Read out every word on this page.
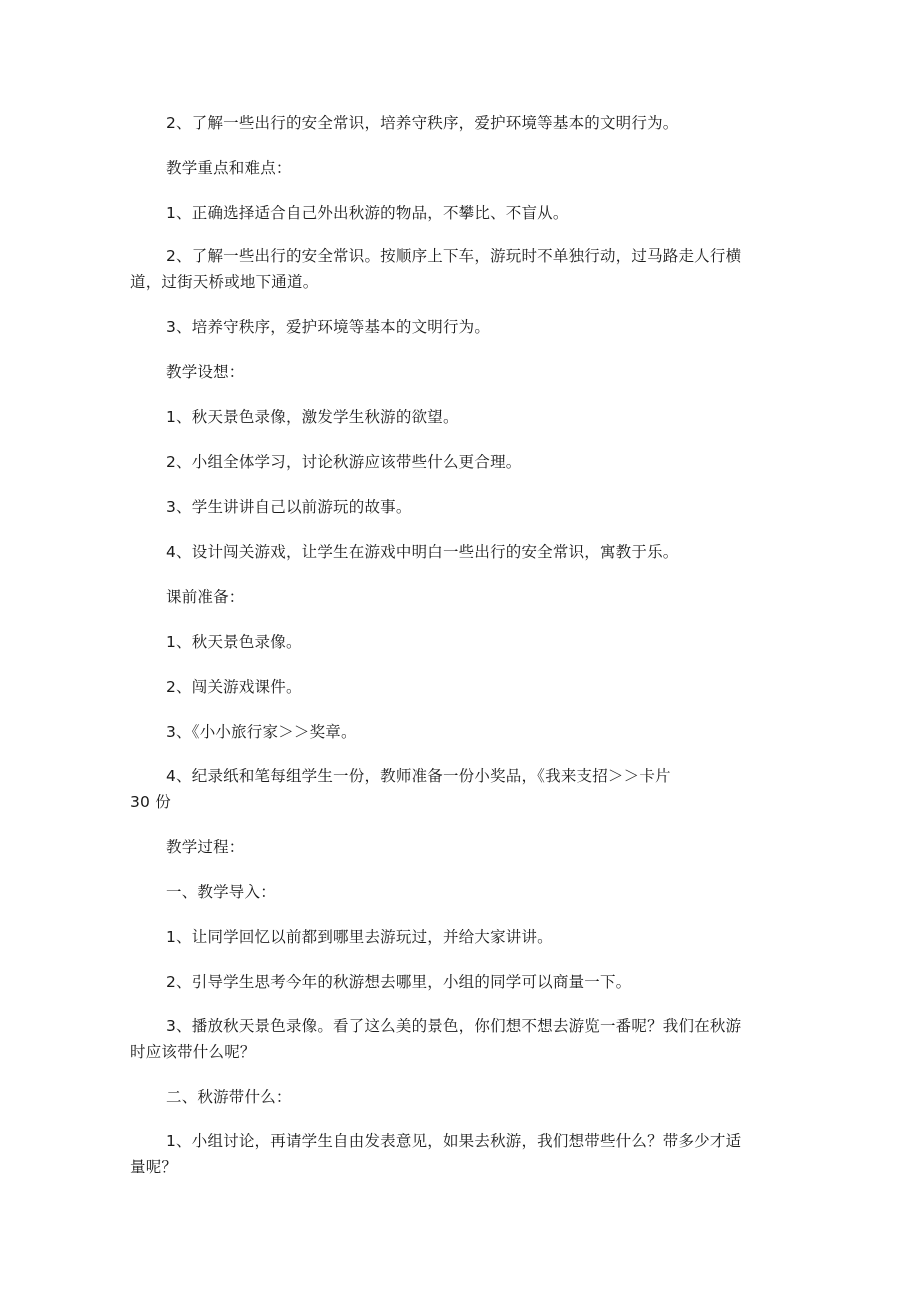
2、了解一些出行的安全常识，培养守秩序，爱护环境等基本的文明行为。

教学重点和难点：

1、正确选择适合自己外出秋游的物品，不攀比、不盲从。

2、了解一些出行的安全常识。按顺序上下车，游玩时不单独行动，过马路走人行横

道，过街天桥或地下通道。

3、培养守秩序，爱护环境等基本的文明行为。

教学设想：

1、秋天景色录像，激发学生秋游的欲望。

2、小组全体学习，讨论秋游应该带些什么更合理。

3、学生讲讲自己以前游玩的故事。

4、设计闯关游戏，让学生在游戏中明白一些出行的安全常识，寓教于乐。

课前准备：

1、秋天景色录像。

2、闯关游戏课件。

3、《小小旅行家＞＞奖章。

4、纪录纸和笔每组学生一份，教师准备一份小奖品，《我来支招＞＞卡片

30 份

教学过程：

一、教学导入：

1、让同学回忆以前都到哪里去游玩过，并给大家讲讲。

2、引导学生思考今年的秋游想去哪里，小组的同学可以商量一下。

3、播放秋天景色录像。看了这么美的景色，你们想不想去游览一番呢？我们在秋游

时应该带什么呢？

二、秋游带什么：

1、小组讨论，再请学生自由发表意见，如果去秋游，我们想带些什么？带多少才适

量呢？
